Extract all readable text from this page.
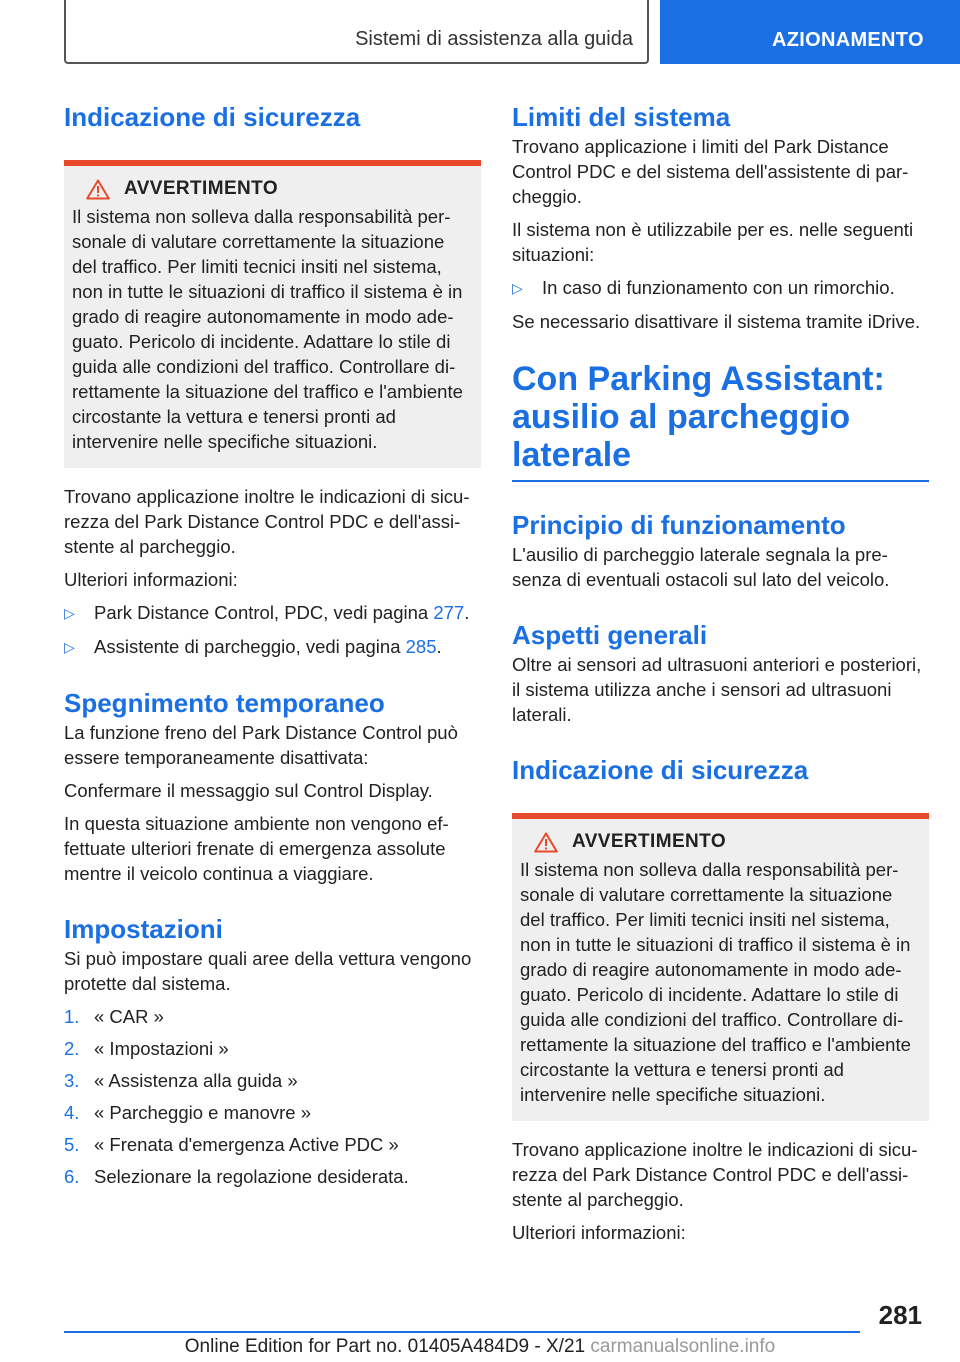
Sistemi di assistenza alla guida	AZIONAMENTO
Indicazione di sicurezza
AVVERTIMENTO
Il sistema non solleva dalla responsabilità personale di valutare correttamente la situazione del traffico. Per limiti tecnici insiti nel sistema, non in tutte le situazioni di traffico il sistema è in grado di reagire autonomamente in modo adeguato. Pericolo di incidente. Adattare lo stile di guida alle condizioni del traffico. Controllare direttamente la situazione del traffico e l'ambiente circostante la vettura e tenersi pronti ad intervenire nelle specifiche situazioni.

Trovano applicazione inoltre le indicazioni di sicurezza del Park Distance Control PDC e dell'assistente al parcheggio.

Ulteriori informazioni:

▷	Park Distance Control, PDC, vedi pagina 277.
▷	Assistente di parcheggio, vedi pagina 285.
Spegnimento temporaneo

La funzione freno del Park Distance Control può essere temporaneamente disattivata:

Confermare il messaggio sul Control Display.

In questa situazione ambiente non vengono effettuate ulteriori frenate di emergenza assolute mentre il veicolo continua a viaggiare.

Impostazioni

Si può impostare quali aree della vettura vengono protette dal sistema.

1. « CAR »
2. « Impostazioni »
3. « Assistenza alla guida »
4. « Parcheggio e manovre »
5. « Frenata d'emergenza Active PDC »
6. Selezionare la regolazione desiderata.
Limiti del sistema

Trovano applicazione i limiti del Park Distance Control PDC e del sistema dell'assistente di parcheggio.

Il sistema non è utilizzabile per es. nelle seguenti situazioni:

▷	In caso di funzionamento con un rimorchio.

Se necessario disattivare il sistema tramite iDrive.

Con Parking Assistant: ausilio al parcheggio laterale
Principio di funzionamento

L'ausilio di parcheggio laterale segnala la presenza di eventuali ostacoli sul lato del veicolo.

Aspetti generali

Oltre ai sensori ad ultrasuoni anteriori e posteriori, il sistema utilizza anche i sensori ad ultrasuoni laterali.

Indicazione di sicurezza
AVVERTIMENTO
Il sistema non solleva dalla responsabilità personale di valutare correttamente la situazione del traffico. Per limiti tecnici insiti nel sistema, non in tutte le situazioni di traffico il sistema è in grado di reagire autonomamente in modo adeguato. Pericolo di incidente. Adattare lo stile di guida alle condizioni del traffico. Controllare direttamente la situazione del traffico e l'ambiente circostante la vettura e tenersi pronti ad intervenire nelle specifiche situazioni.

Trovano applicazione inoltre le indicazioni di sicurezza del Park Distance Control PDC e dell'assistente al parcheggio.

Ulteriori informazioni:

281
Online Edition for Part no. 01405A484D9 - X/21 carmanualsonline.info
